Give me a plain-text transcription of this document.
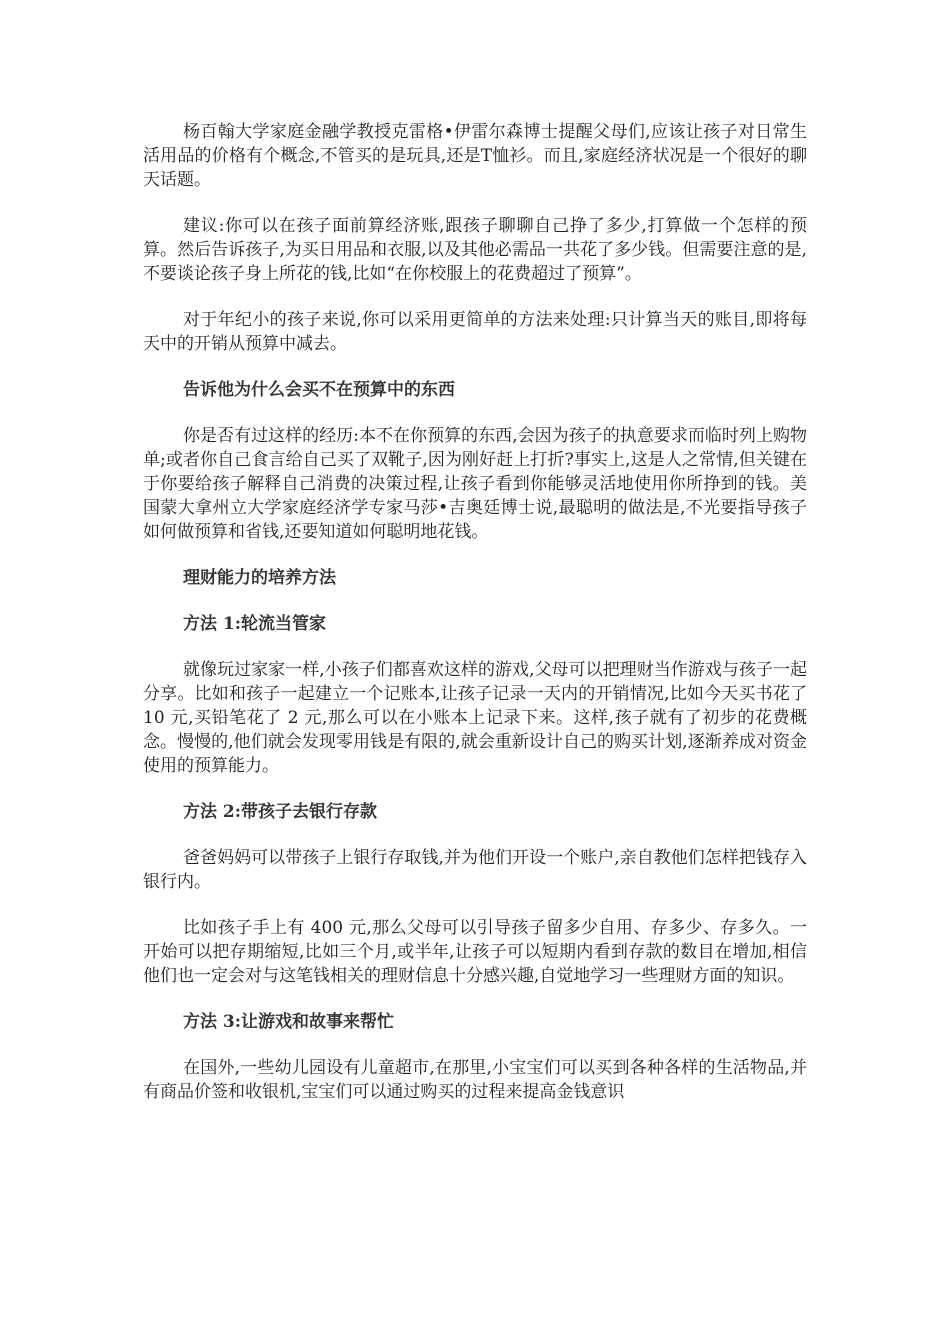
杨百翰大学家庭金融学教授克雷格•伊雷尔森博士提醒父母们,应该让孩子对日常生活用品的价格有个概念,不管买的是玩具,还是T恤衫。而且,家庭经济状况是一个很好的聊天话题。

建议:你可以在孩子面前算经济账,跟孩子聊聊自己挣了多少,打算做一个怎样的预算。然后告诉孩子,为买日用品和衣服,以及其他必需品一共花了多少钱。但需要注意的是,不要谈论孩子身上所花的钱,比如“在你校服上的花费超过了预算”。

对于年纪小的孩子来说,你可以采用更简单的方法来处理:只计算当天的账目,即将每天中的开销从预算中减去。

告诉他为什么会买不在预算中的东西

你是否有过这样的经历:本不在你预算的东西,会因为孩子的执意要求而临时列上购物单;或者你自己食言给自己买了双靴子,因为刚好赶上打折?事实上,这是人之常情,但关键在于你要给孩子解释自己消费的决策过程,让孩子看到你能够灵活地使用你所挣到的钱。美国蒙大拿州立大学家庭经济学专家马莎•吉奥廷博士说,最聪明的做法是,不光要指导孩子如何做预算和省钱,还要知道如何聪明地花钱。

理财能力的培养方法

方法 1:轮流当管家

就像玩过家家一样,小孩子们都喜欢这样的游戏,父母可以把理财当作游戏与孩子一起分享。比如和孩子一起建立一个记账本,让孩子记录一天内的开销情况,比如今天买书花了 10 元,买铅笔花了 2 元,那么可以在小账本上记录下来。这样,孩子就有了初步的花费概念。慢慢的,他们就会发现零用钱是有限的,就会重新设计自己的购买计划,逐渐养成对资金使用的预算能力。

方法 2:带孩子去银行存款

爸爸妈妈可以带孩子上银行存取钱,并为他们开设一个账户,亲自教他们怎样把钱存入银行内。

比如孩子手上有 400 元,那么父母可以引导孩子留多少自用、存多少、存多久。一开始可以把存期缩短,比如三个月,或半年,让孩子可以短期内看到存款的数目在增加,相信他们也一定会对与这笔钱相关的理财信息十分感兴趣,自觉地学习一些理财方面的知识。

方法 3:让游戏和故事来帮忙

在国外,一些幼儿园设有儿童超市,在那里,小宝宝们可以买到各种各样的生活物品,并有商品价签和收银机,宝宝们可以通过购买的过程来提高金钱意识
